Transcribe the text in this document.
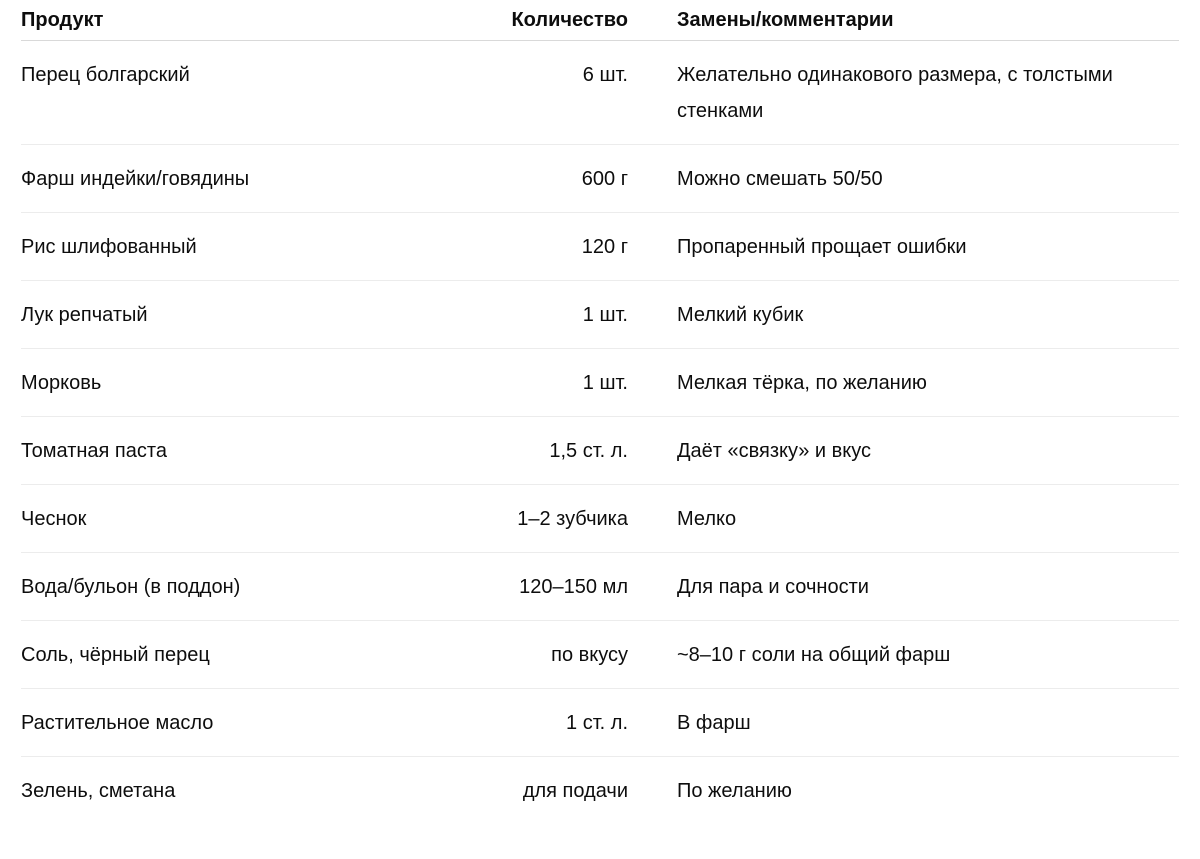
Продукт	Количество	Замены/комментарии
Перец болгарский	6 шт.	Желательно одинакового размера, с толстыми стенками
Фарш индейки/говядины	600 г	Можно смешать 50/50
Рис шлифованный	120 г	Пропаренный прощает ошибки
Лук репчатый	1 шт.	Мелкий кубик
Морковь	1 шт.	Мелкая тёрка, по желанию
Томатная паста	1,5 ст. л.	Даёт «связку» и вкус
Чеснок	1–2 зубчика	Мелко
Вода/бульон (в поддон)	120–150 мл	Для пара и сочности
Соль, чёрный перец	по вкусу	~8–10 г соли на общий фарш
Растительное масло	1 ст. л.	В фарш
Зелень, сметана	для подачи	По желанию
